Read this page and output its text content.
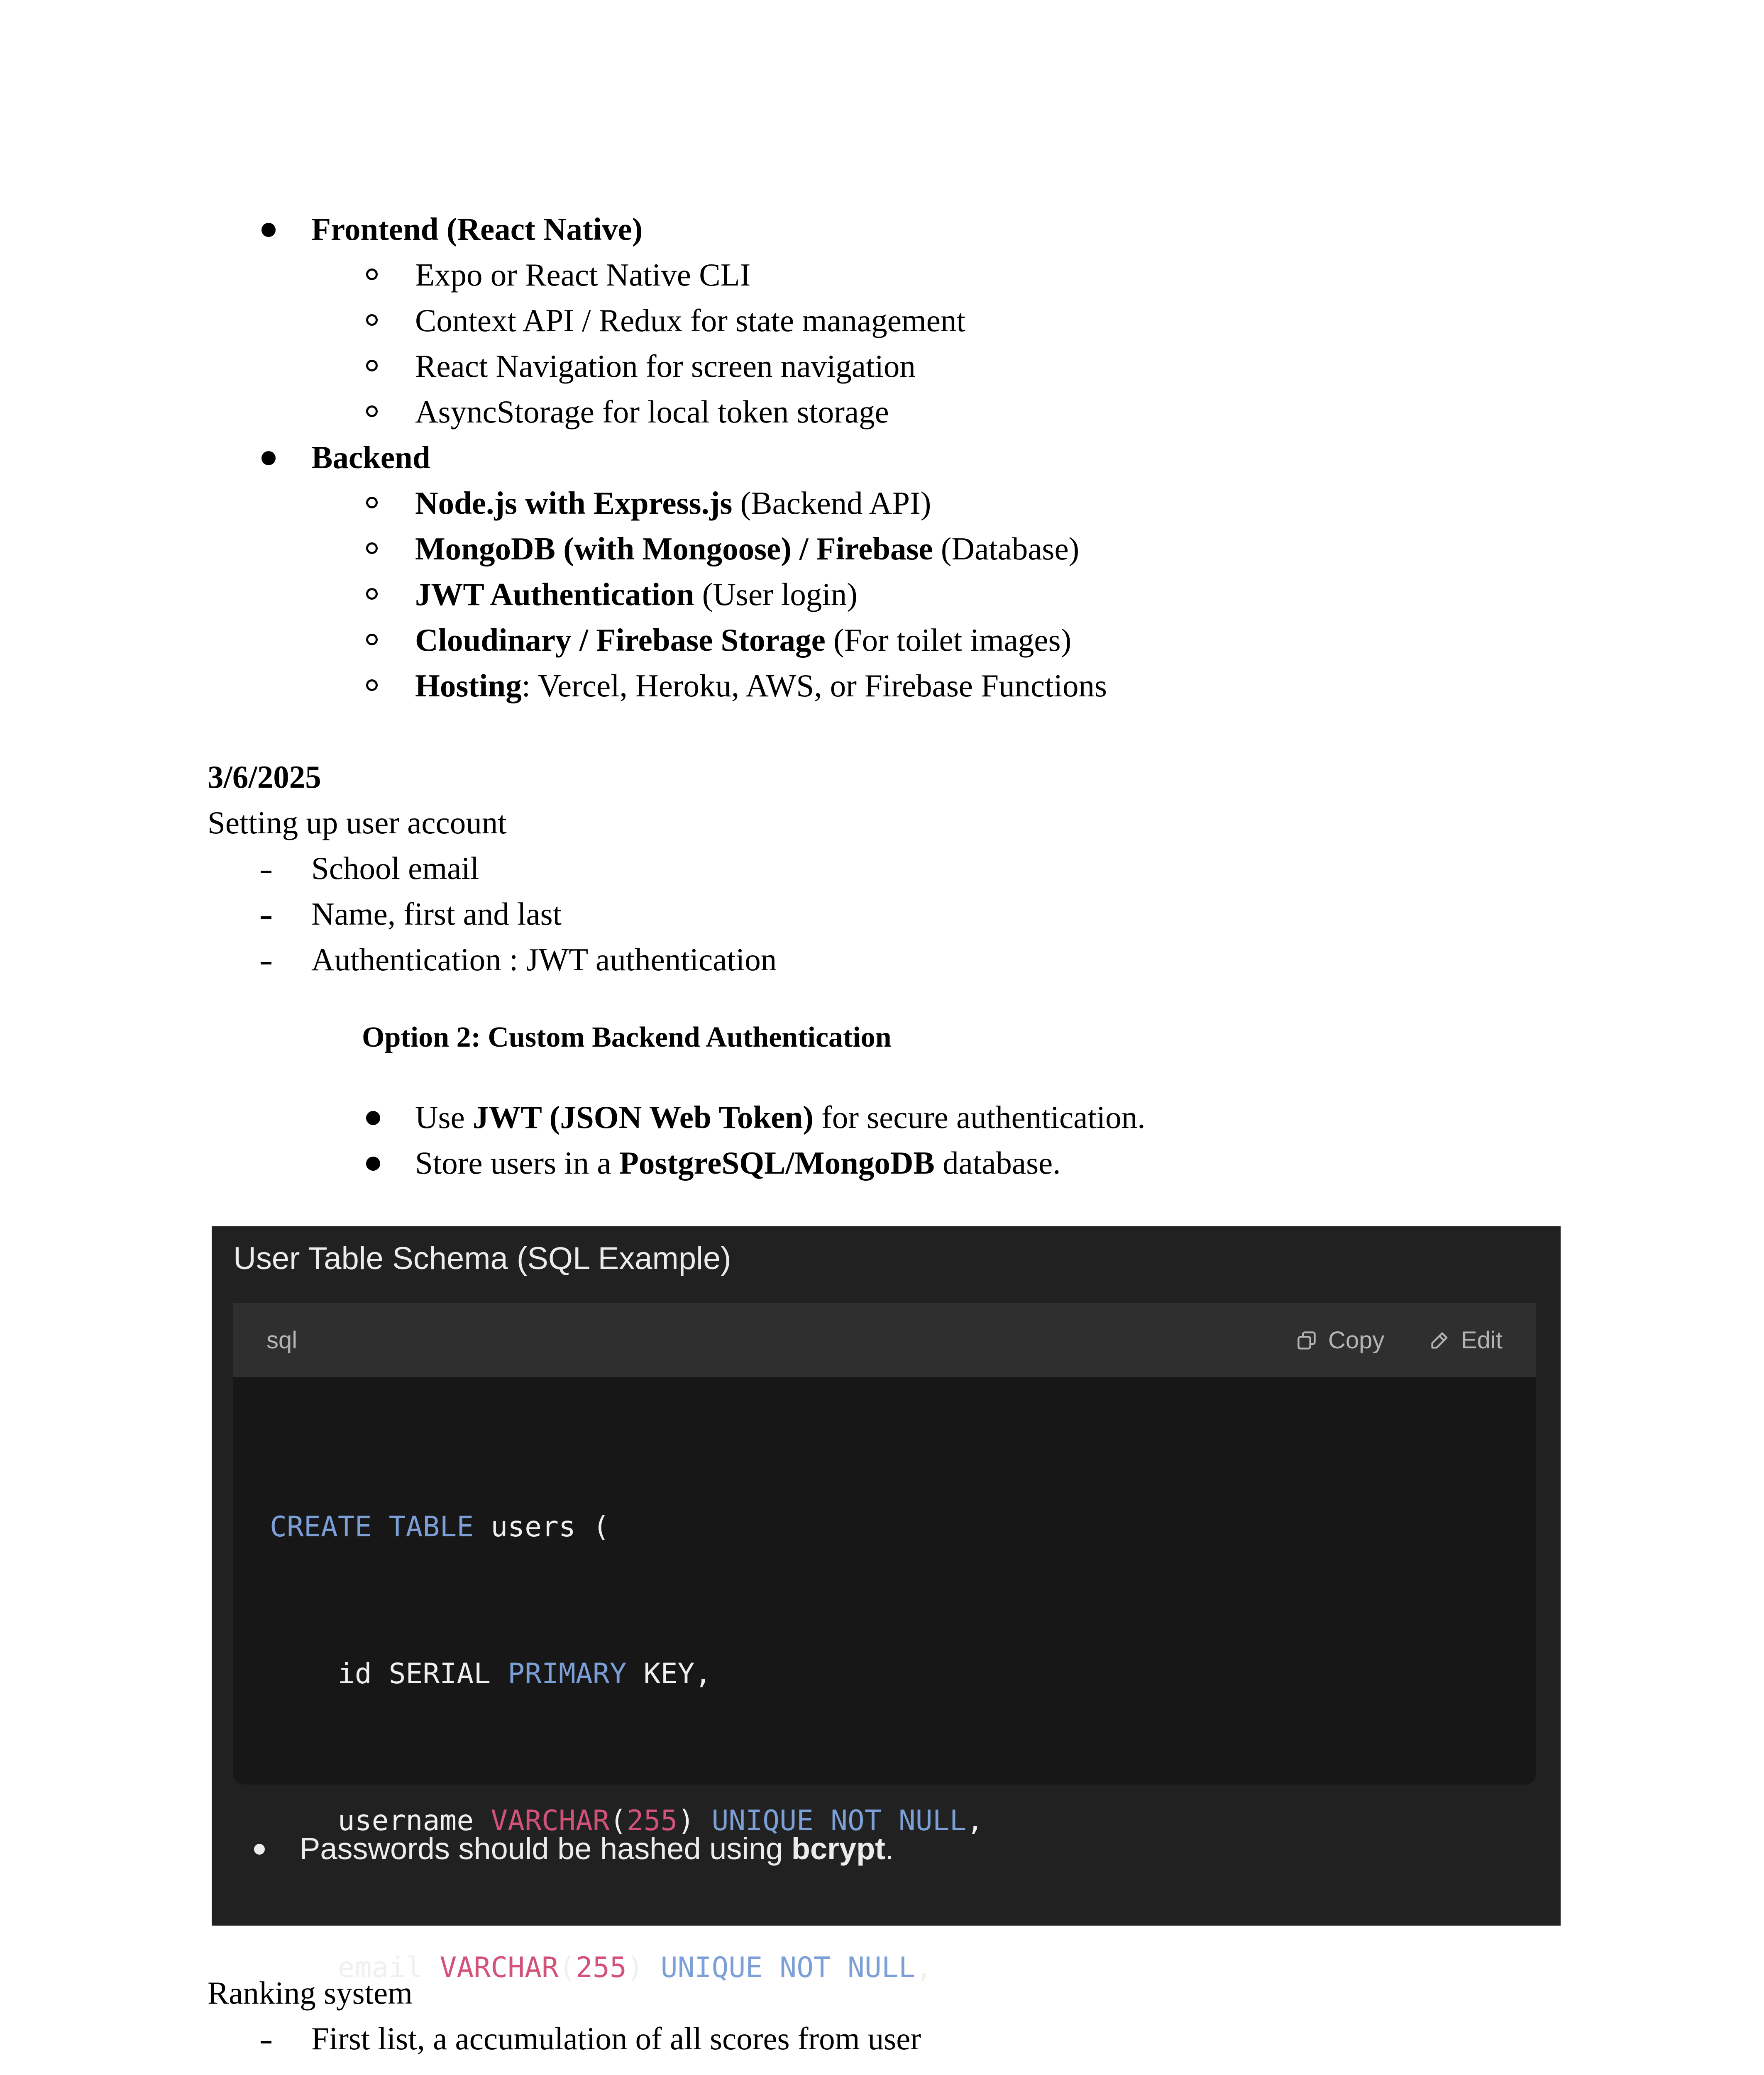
Frontend (React Native)
Expo or React Native CLI
Context API / Redux for state management
React Navigation for screen navigation
AsyncStorage for local token storage
Backend
Node.js with Express.js (Backend API)
MongoDB (with Mongoose) / Firebase (Database)
JWT Authentication (User login)
Cloudinary / Firebase Storage (For toilet images)
Hosting: Vercel, Heroku, AWS, or Firebase Functions
3/6/2025
Setting up user account
School email
Name, first and last
Authentication : JWT authentication
Option 2: Custom Backend Authentication
Use JWT (JSON Web Token) for secure authentication.
Store users in a PostgreSQL/MongoDB database.
User Table Schema (SQL Example)
sql	Copy	Edit

CREATE TABLE users (

id SERIAL PRIMARY KEY,

username VARCHAR(255) UNIQUE NOT NULL,

email VARCHAR(255) UNIQUE NOT NULL,

Passwords should be hashed using bcrypt.
Ranking system
First list, a accumulation of all scores from user
